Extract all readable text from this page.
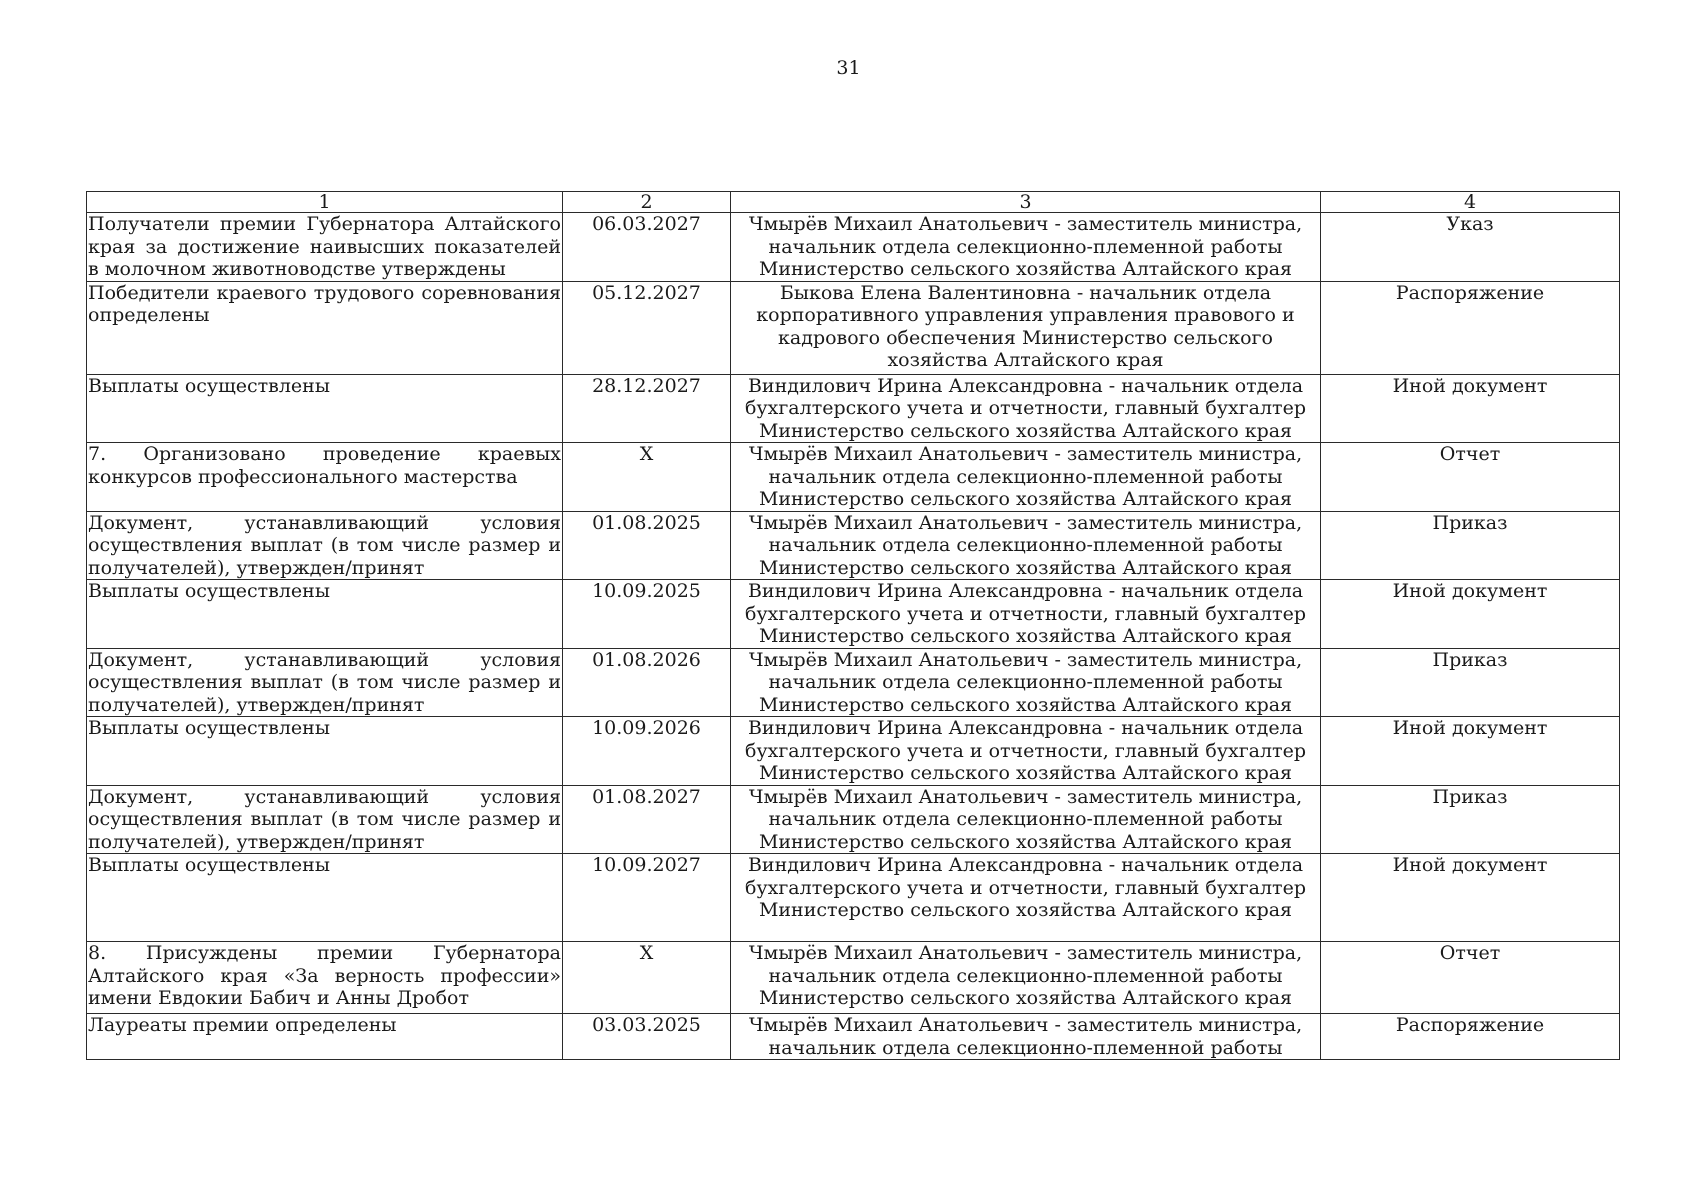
31
1	2	3	4
Получатели премии Губернатора Алтайского края за достижение наивысших показателей в молочном животноводстве утверждены	06.03.2027	Чмырёв Михаил Анатольевич - заместитель министра, начальник отдела селекционно-племенной работы Министерство сельского хозяйства Алтайского края	Указ
Победители краевого трудового соревнования определены	05.12.2027	Быкова Елена Валентиновна - начальник отдела корпоративного управления управления правового и кадрового обеспечения Министерство сельского хозяйства Алтайского края	Распоряжение
Выплаты осуществлены	28.12.2027	Виндилович Ирина Александровна - начальник отдела бухгалтерского учета и отчетности, главный бухгалтер Министерство сельского хозяйства Алтайского края	Иной документ
7. Организовано проведение краевых конкурсов профессионального мастерства	X	Чмырёв Михаил Анатольевич - заместитель министра, начальник отдела селекционно-племенной работы Министерство сельского хозяйства Алтайского края	Отчет
Документ, устанавливающий условия осуществления выплат (в том числе размер и получателей), утвержден/принят	01.08.2025	Чмырёв Михаил Анатольевич - заместитель министра, начальник отдела селекционно-племенной работы Министерство сельского хозяйства Алтайского края	Приказ
Выплаты осуществлены	10.09.2025	Виндилович Ирина Александровна - начальник отдела бухгалтерского учета и отчетности, главный бухгалтер Министерство сельского хозяйства Алтайского края	Иной документ
Документ, устанавливающий условия осуществления выплат (в том числе размер и получателей), утвержден/принят	01.08.2026	Чмырёв Михаил Анатольевич - заместитель министра, начальник отдела селекционно-племенной работы Министерство сельского хозяйства Алтайского края	Приказ
Выплаты осуществлены	10.09.2026	Виндилович Ирина Александровна - начальник отдела бухгалтерского учета и отчетности, главный бухгалтер Министерство сельского хозяйства Алтайского края	Иной документ
Документ, устанавливающий условия осуществления выплат (в том числе размер и получателей), утвержден/принят	01.08.2027	Чмырёв Михаил Анатольевич - заместитель министра, начальник отдела селекционно-племенной работы Министерство сельского хозяйства Алтайского края	Приказ
Выплаты осуществлены	10.09.2027	Виндилович Ирина Александровна - начальник отдела бухгалтерского учета и отчетности, главный бухгалтер Министерство сельского хозяйства Алтайского края	Иной документ
8. Присуждены премии Губернатора Алтайского края «За верность профессии» имени Евдокии Бабич и Анны Дробот	X	Чмырёв Михаил Анатольевич - заместитель министра, начальник отдела селекционно-племенной работы Министерство сельского хозяйства Алтайского края	Отчет
Лауреаты премии определены	03.03.2025	Чмырёв Михаил Анатольевич - заместитель министра, начальник отдела селекционно-племенной работы	Распоряжение
